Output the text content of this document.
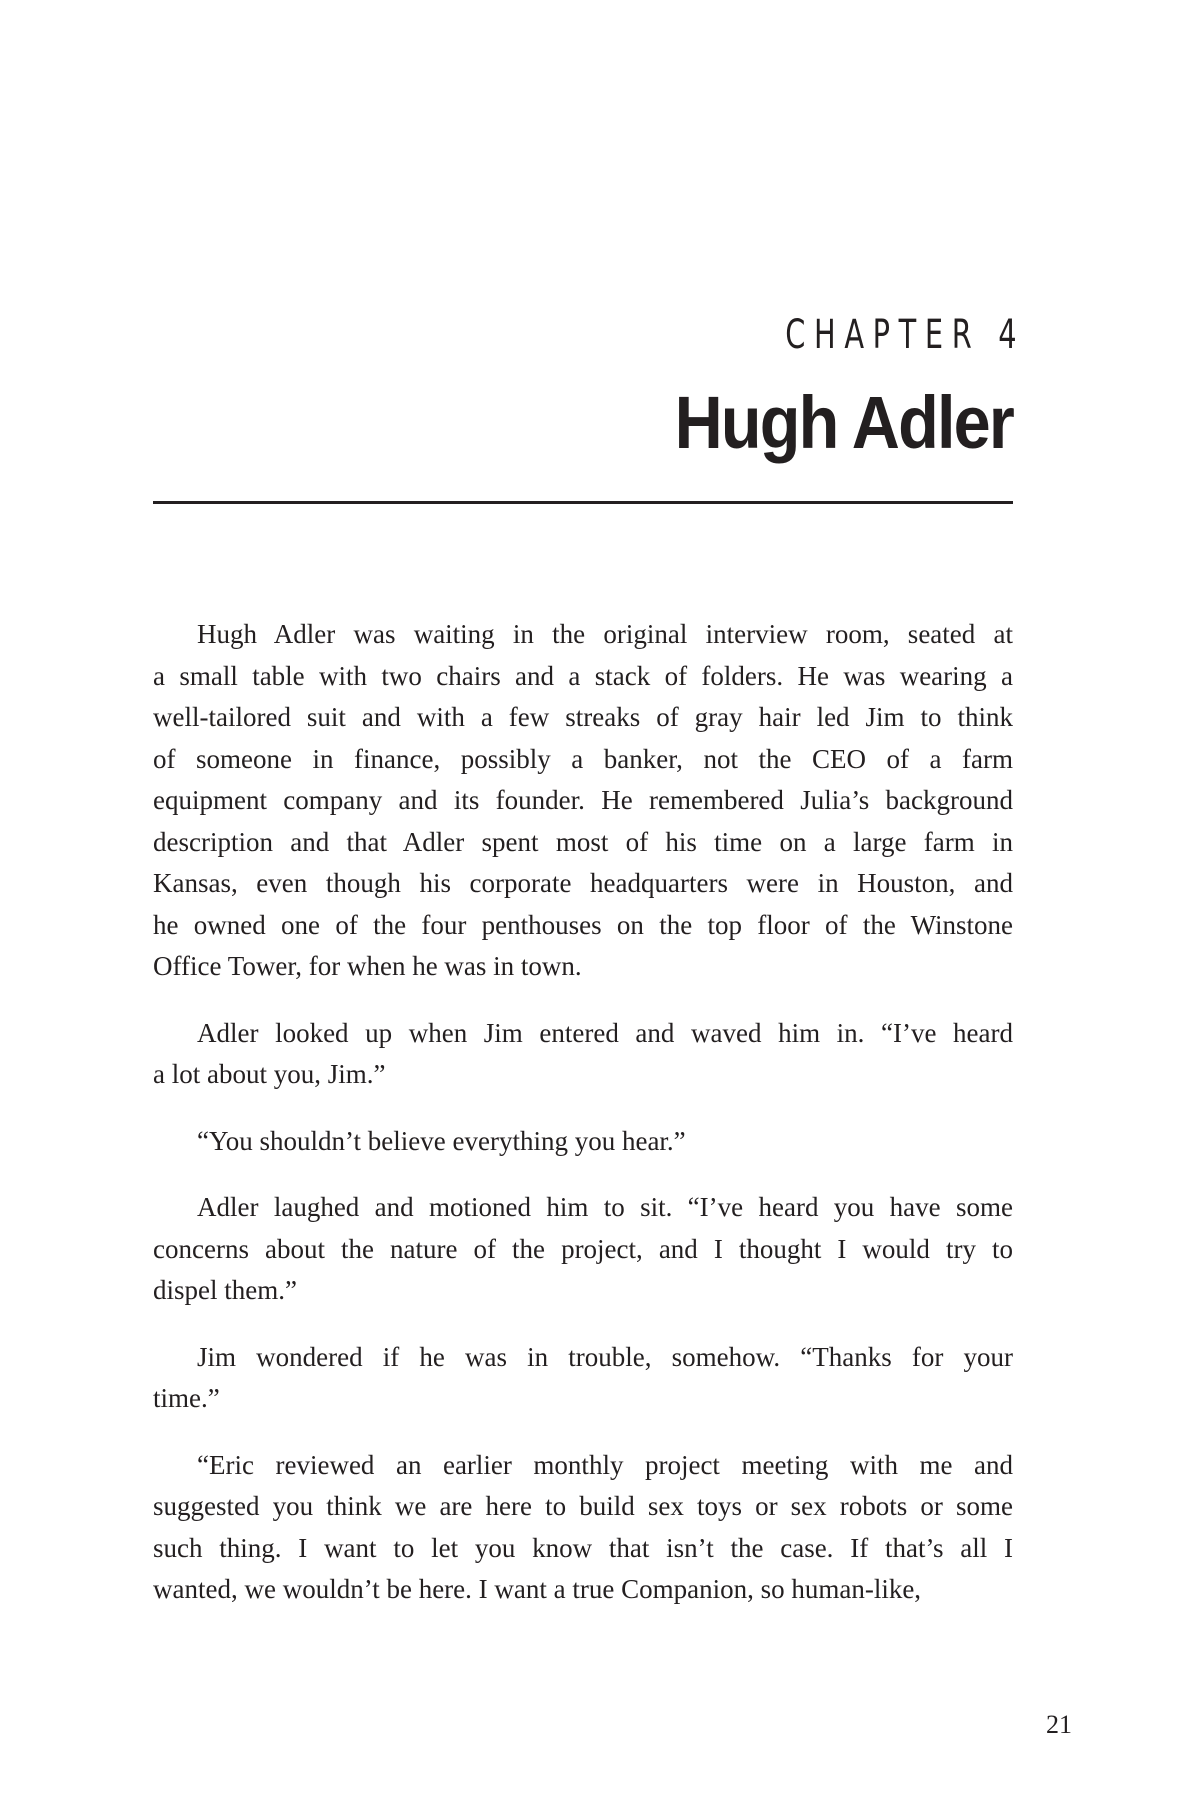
CHAPTER 4
Hugh Adler
Hugh Adler was waiting in the original interview room, seated at
a small table with two chairs and a stack of folders. He was wearing a
well-tailored suit and with a few streaks of gray hair led Jim to think
of someone in finance, possibly a banker, not the CEO of a farm
equipment company and its founder. He remembered Julia’s background
description and that Adler spent most of his time on a large farm in
Kansas, even though his corporate headquarters were in Houston, and
he owned one of the four penthouses on the top floor of the Winstone
Office Tower, for when he was in town.
Adler looked up when Jim entered and waved him in. “I’ve heard
a lot about you, Jim.”
“You shouldn’t believe everything you hear.”
Adler laughed and motioned him to sit. “I’ve heard you have some
concerns about the nature of the project, and I thought I would try to
dispel them.”
Jim wondered if he was in trouble, somehow. “Thanks for your
time.”
“Eric reviewed an earlier monthly project meeting with me and
suggested you think we are here to build sex toys or sex robots or some
such thing. I want to let you know that isn’t the case. If that’s all I
wanted, we wouldn’t be here. I want a true Companion, so human-like,
21
